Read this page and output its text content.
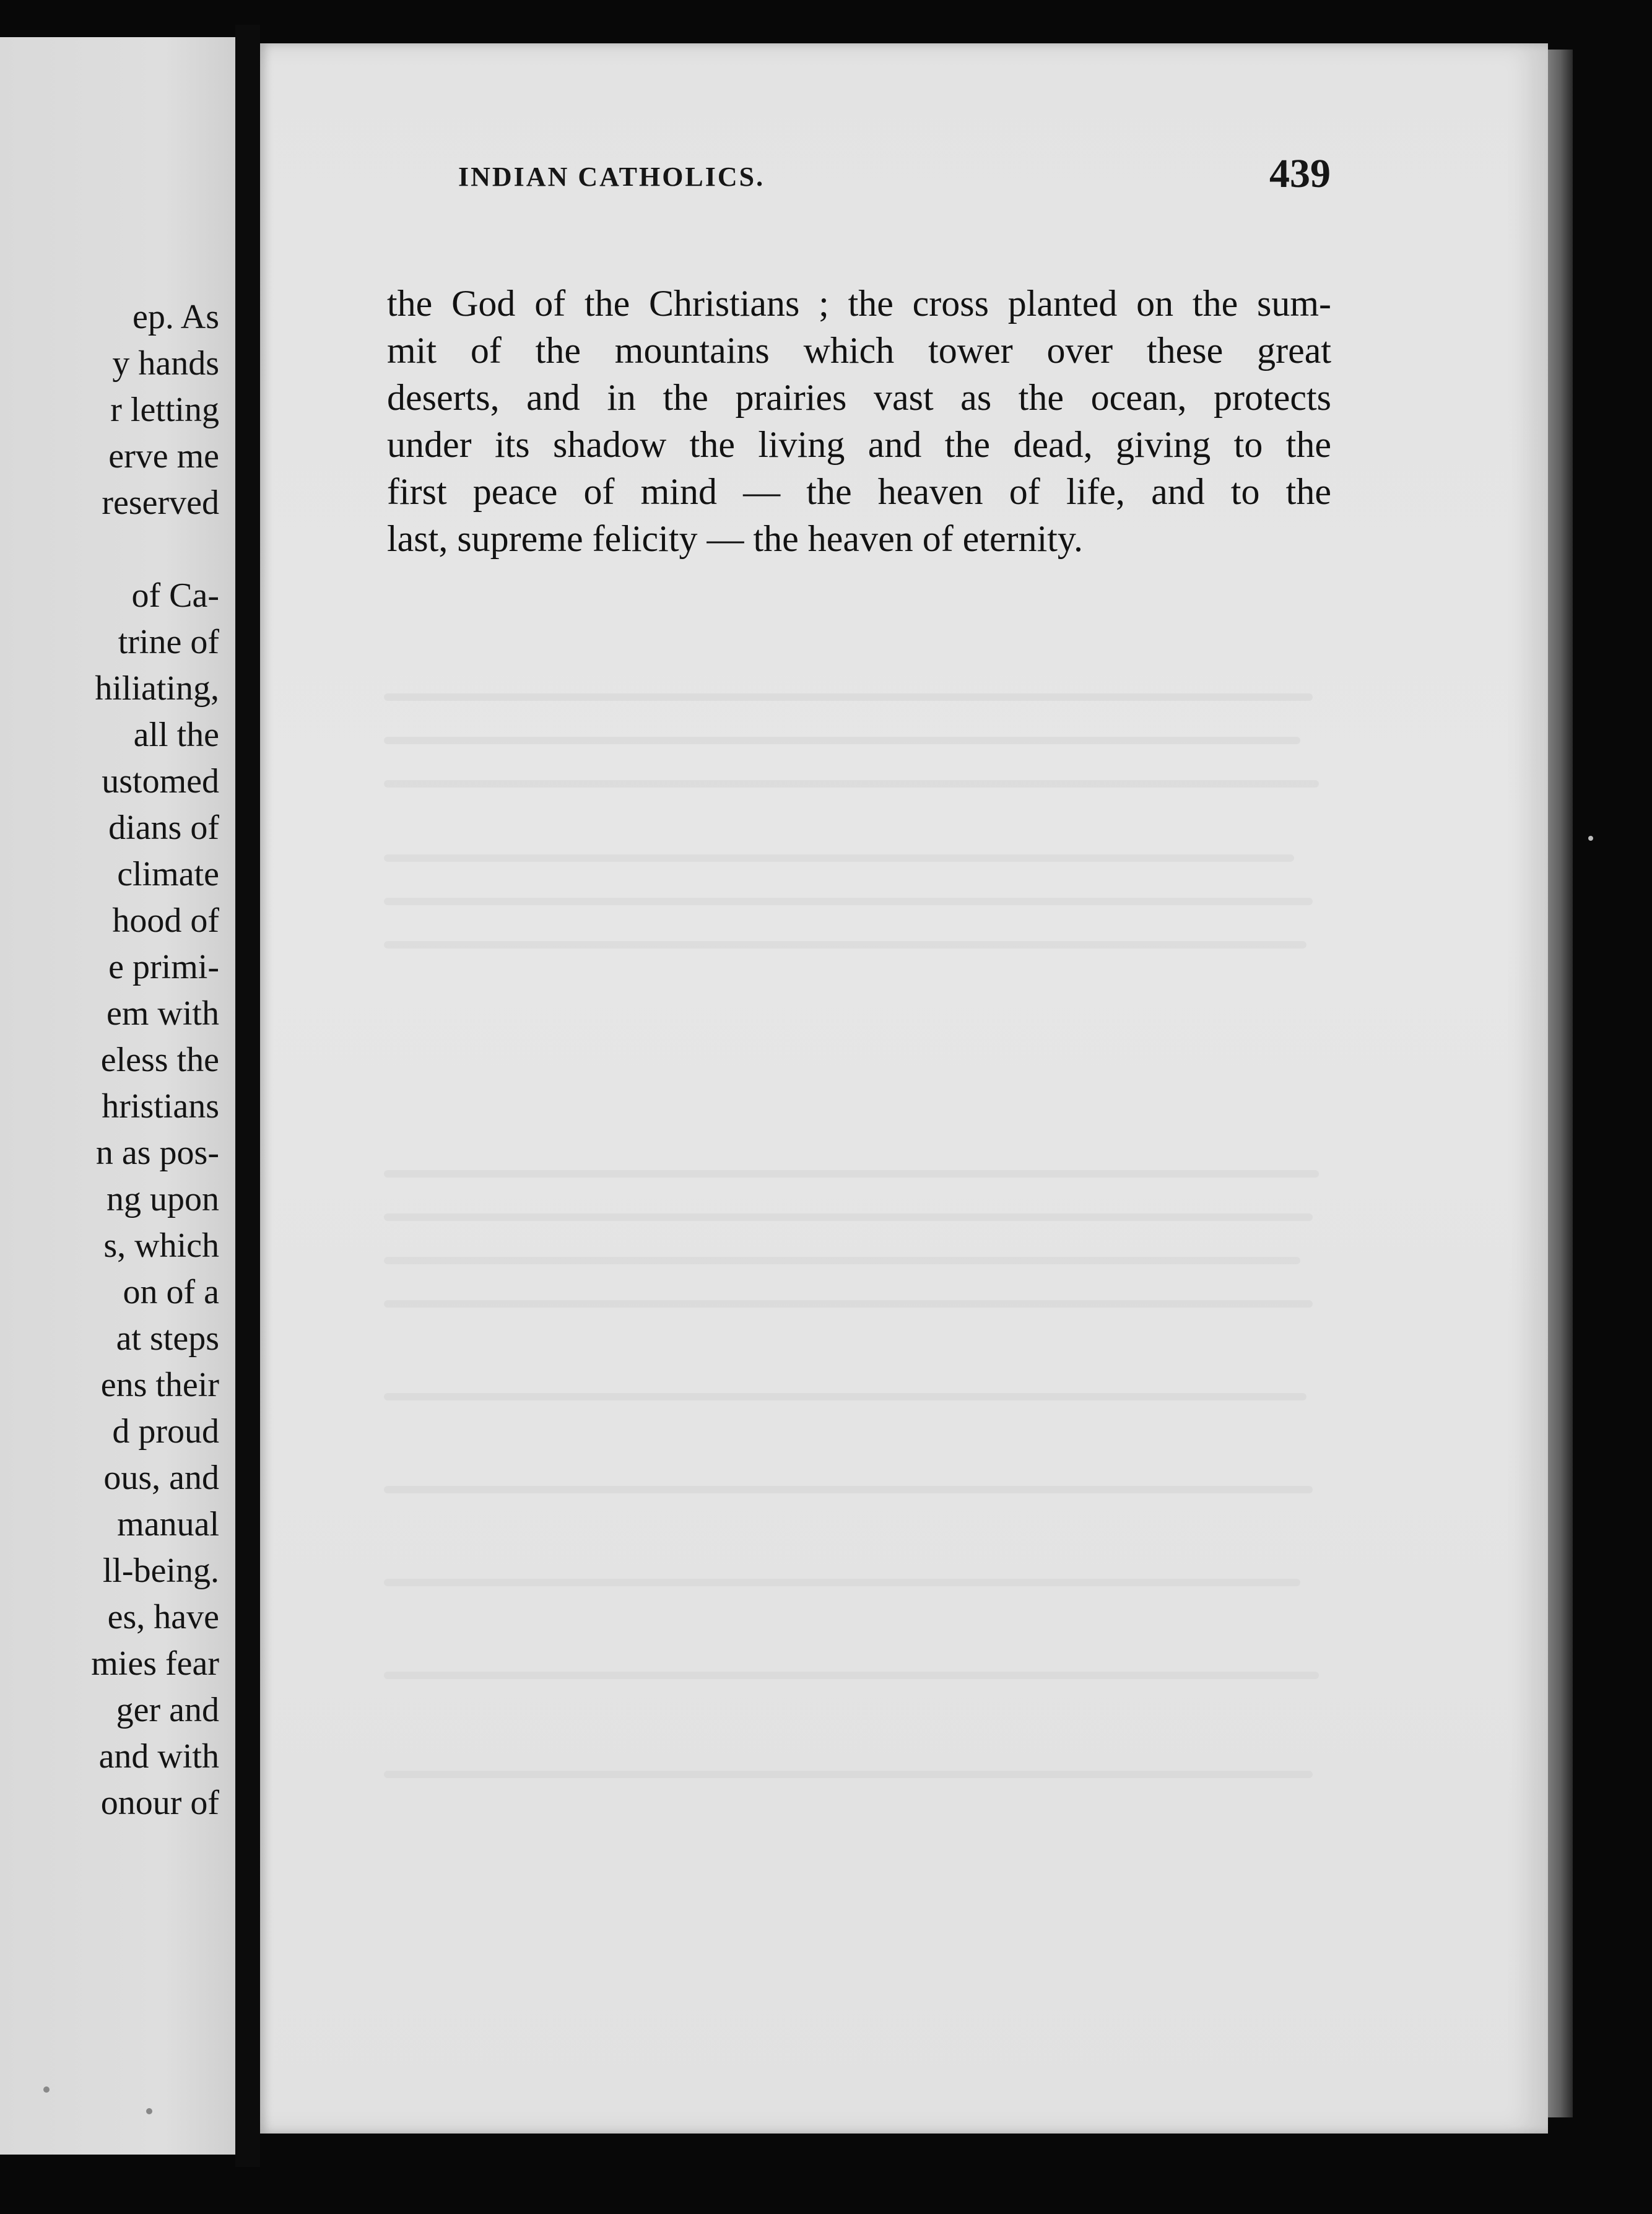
ep. As
y hands
r letting
erve me
reserved
of Ca-
trine of
hiliating,
all the
ustomed
dians of
climate
hood of
e primi-
em with
eless the
hristians
n as pos-
ng upon
s, which
on of a
at steps
ens their
d proud
ous, and
manual
ll-being.
es, have
mies fear
ger and
and with
onour of
INDIAN CATHOLICS.	439
the God of the Christians ; the cross planted on the sum-
mit of the mountains which tower over these great
deserts, and in the prairies vast as the ocean, protects
under its shadow the living and the dead, giving to the
first peace of mind — the heaven of life, and to the
last, supreme felicity — the heaven of eternity.
